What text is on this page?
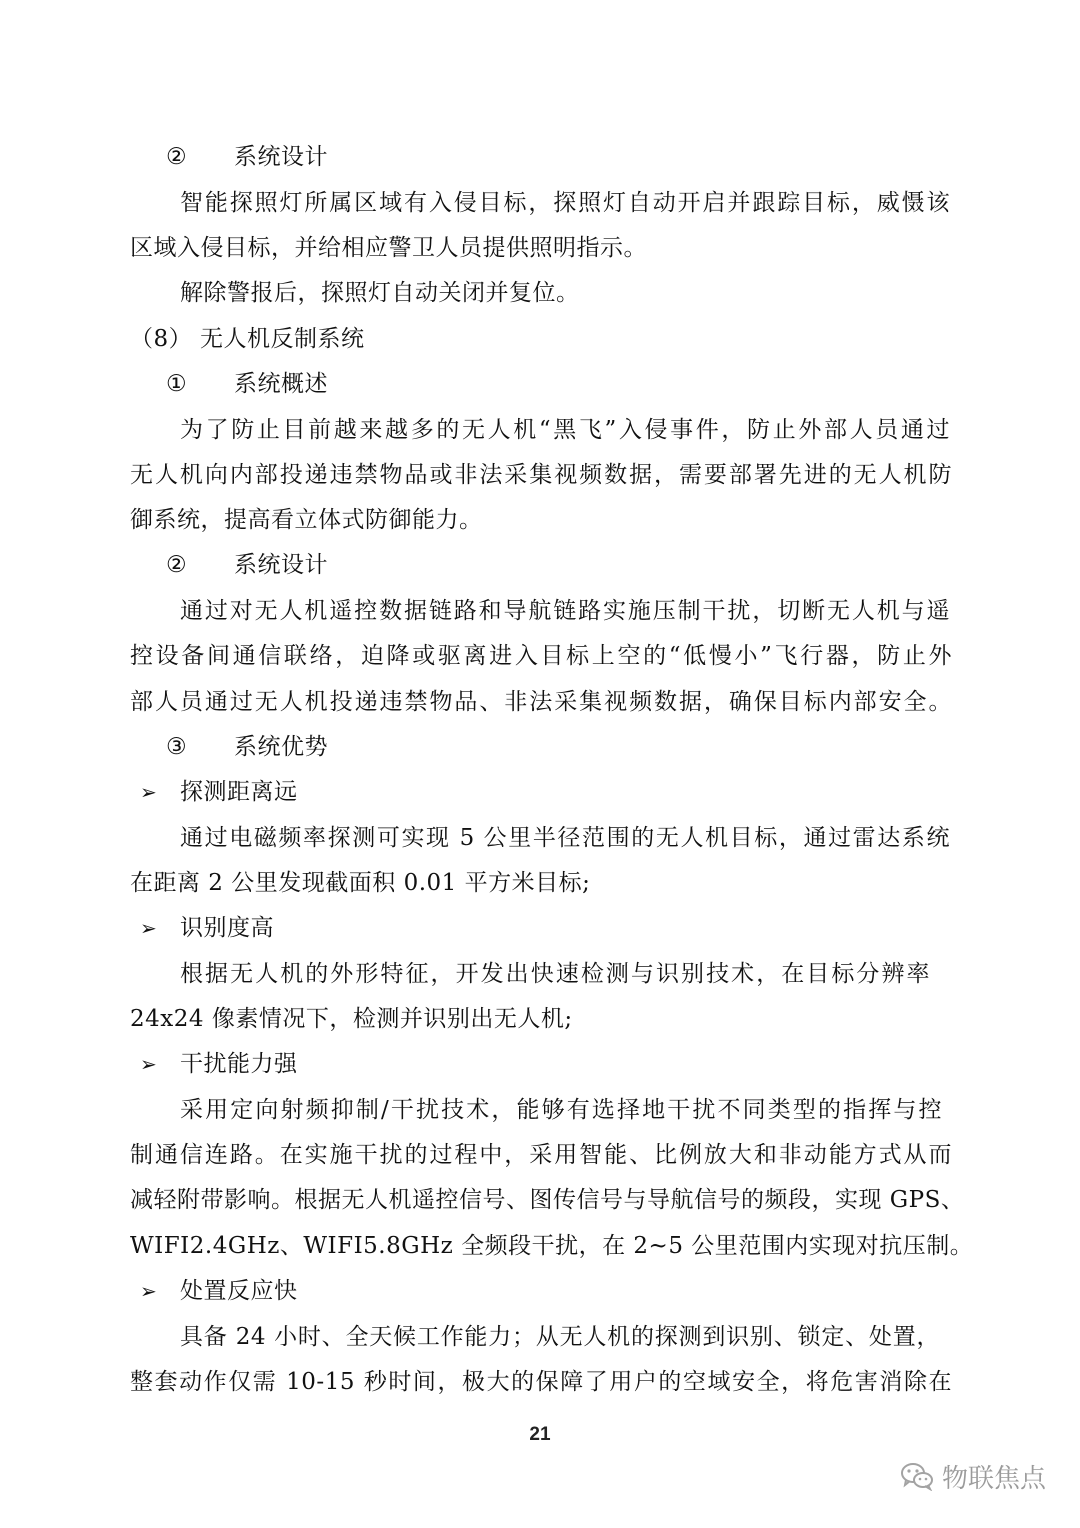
② 系统设计
智能探照灯所属区域有入侵目标，探照灯自动开启并跟踪目标，威慑该
区域入侵目标，并给相应警卫人员提供照明指示。
解除警报后，探照灯自动关闭并复位。
（8） 无人机反制系统
① 系统概述
为了防止目前越来越多的无人机“黑飞”入侵事件，防止外部人员通过
无人机向内部投递违禁物品或非法采集视频数据，需要部署先进的无人机防
御系统，提高看立体式防御能力。
② 系统设计
通过对无人机遥控数据链路和导航链路实施压制干扰，切断无人机与遥
控设备间通信联络，迫降或驱离进入目标上空的“低慢小”飞行器，防止外
部人员通过无人机投递违禁物品、非法采集视频数据，确保目标内部安全。
③ 系统优势
➢ 探测距离远
通过电磁频率探测可实现 5 公里半径范围的无人机目标，通过雷达系统
在距离 2 公里发现截面积 0.01 平方米目标;
➢ 识别度高
根据无人机的外形特征，开发出快速检测与识别技术，在目标分辨率
24x24 像素情况下，检测并识别出无人机;
➢ 干扰能力强
采用定向射频抑制/干扰技术，能够有选择地干扰不同类型的指挥与控
制通信连路。在实施干扰的过程中，采用智能、比例放大和非动能方式从而
减轻附带影响。根据无人机遥控信号、图传信号与导航信号的频段，实现 GPS、
WIFI2.4GHz、WIFI5.8GHz 全频段干扰，在 2~5 公里范围内实现对抗压制。
➢ 处置反应快
具备 24 小时、全天候工作能力；从无人机的探测到识别、锁定、处置，
整套动作仅需 10-15 秒时间，极大的保障了用户的空域安全，将危害消除在
21
物联焦点
